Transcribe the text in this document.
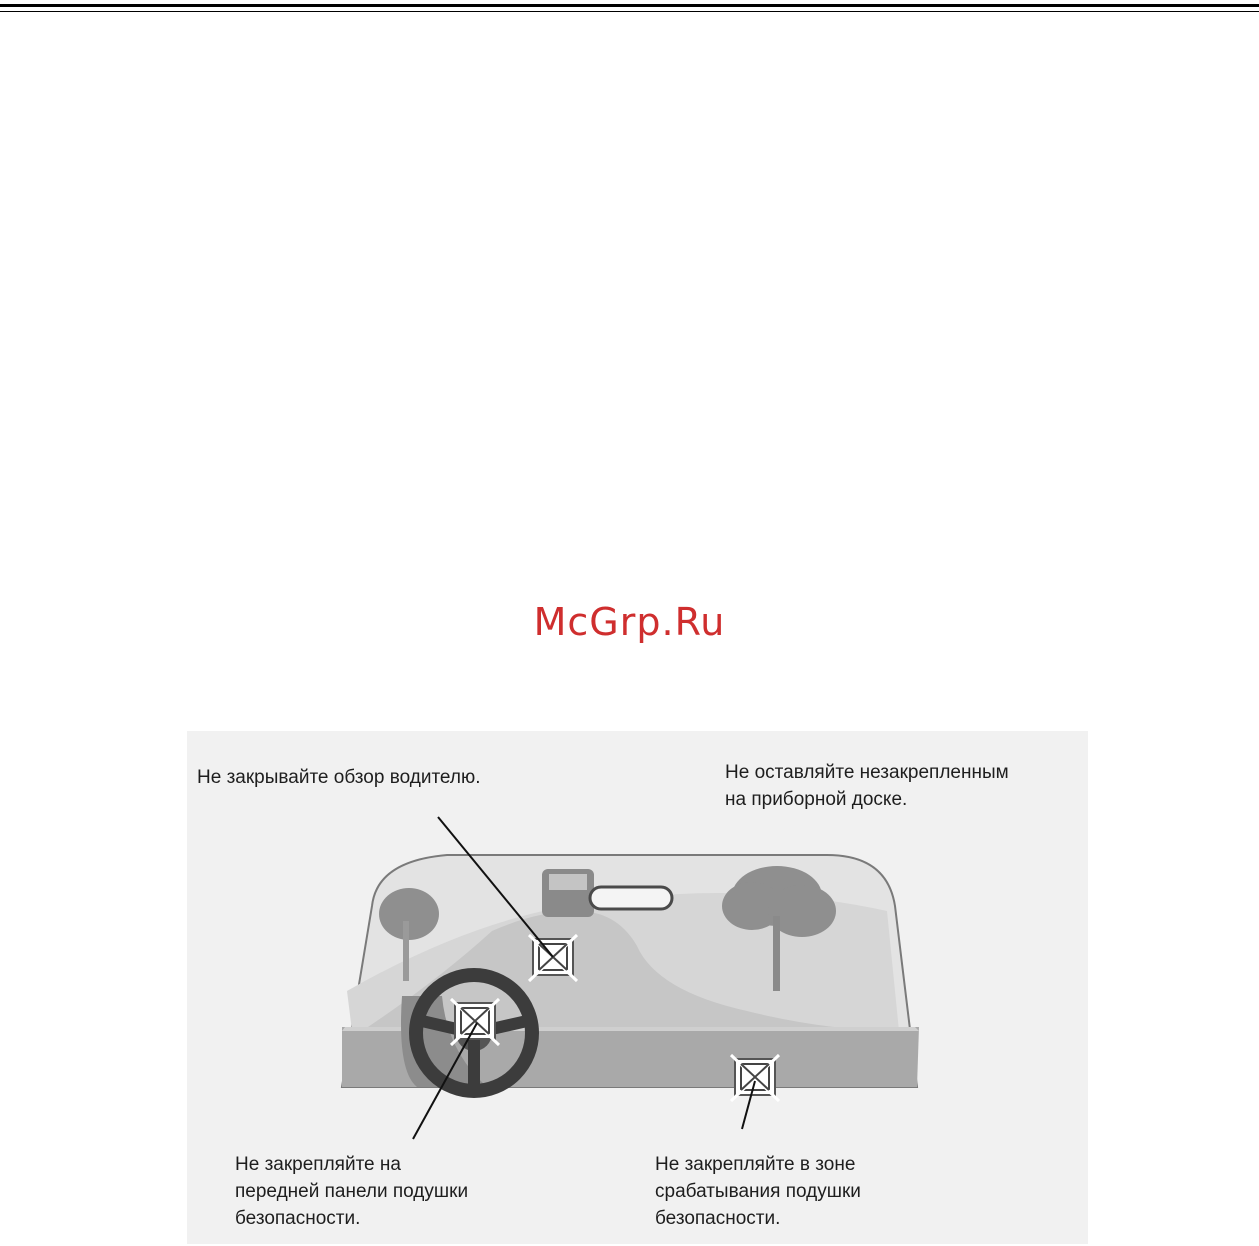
McGrp.Ru
Не закрывайте обзор водителю.	Не оставляйте незакрепленным
на приборной доске.
Не закрепляйте на
передней панели подушки
безопасности.
Не закрепляйте в зоне
срабатывания подушки
безопасности.
